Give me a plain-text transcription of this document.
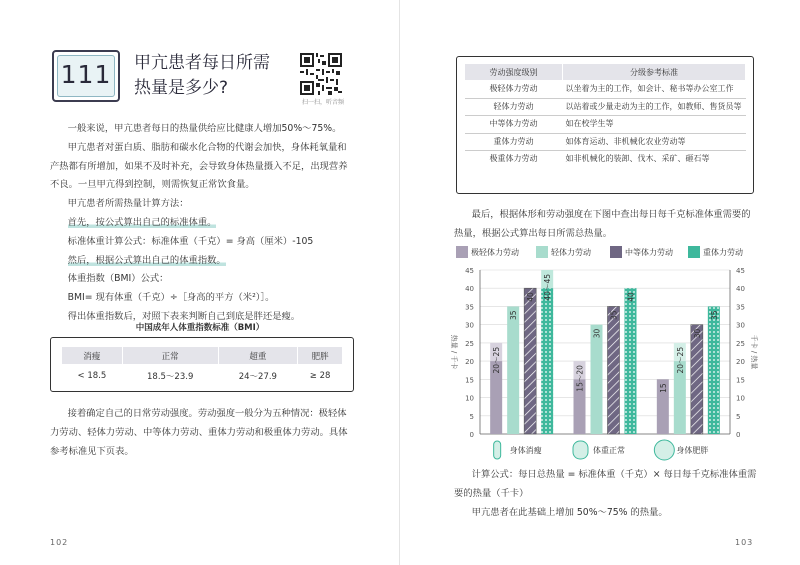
111	甲亢患者每日所需
热量是多少?
扫一扫，听音频

一般来说，甲亢患者每日的热量供给应比健康人增加50%～75%。

甲亢患者对蛋白质、脂肪和碳水化合物的代谢会加快，身体耗氧量和产热都有所增加，如果不及时补充，会导致身体热量摄入不足，出现营养不良。一旦甲亢得到控制，则需恢复正常饮食量。

甲亢患者所需热量计算方法：

首先，按公式算出自己的标准体重。

标准体重计算公式：标准体重（千克）= 身高（厘米）-105

然后，根据公式算出自己的体重指数。

体重指数（BMI）公式：

BMI= 现有体重（千克）÷［身高的平方（米²）］。

得出体重指数后，对照下表来判断自己到底是胖还是瘦。

中国成年人体重指数标准（BMI）
消瘦	正常	超重	肥胖
< 18.5	18.5～23.9	24～27.9	≥ 28

接着确定自己的日常劳动强度。劳动强度一般分为五种情况：极轻体力劳动、轻体力劳动、中等体力劳动、重体力劳动和极重体力劳动。具体参考标准见下页表。

102
劳动强度级别	分级参考标准
极轻体力劳动	以坐着为主的工作，如会计、秘书等办公室工作
轻体力劳动	以站着或少量走动为主的工作，如教师、售货员等
中等体力劳动	如在校学生等
重体力劳动	如体育运动、非机械化农业劳动等
极重体力劳动	如非机械化的装卸、伐木、采矿、砸石等

最后，根据体形和劳动强度在下图中查出每日每千克标准体重需要的热量，根据公式算出每日所需总热量。

极轻体力劳动	轻体力劳动	中等体力劳动	重体力劳动
0	0
5	5
10	10
15	15
20	20
25	25
30	30
35	35
40	40
45	45
热量 / 千卡	千卡 / 热量
20～25
35
40 40～45
身体消瘦
15～20
30
35
40
体重正常
15
20～25
30
35
身体肥胖

计算公式：每日总热量 = 标准体重（千克）× 每日每千克标准体重需要的热量（千卡）

甲亢患者在此基础上增加 50%～75% 的热量。

103
